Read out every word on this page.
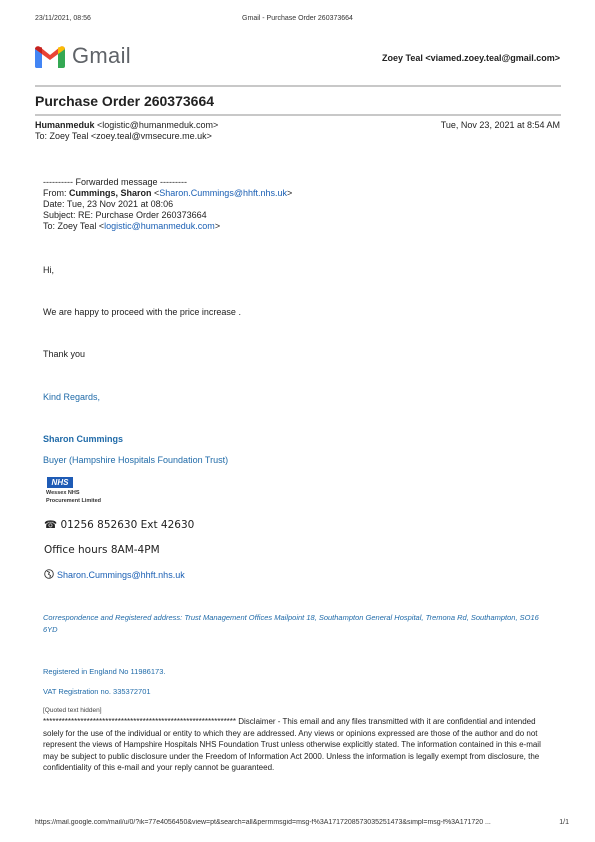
23/11/2021, 08:56	Gmail - Purchase Order 260373664
Gmail	Zoey Teal <viamed.zoey.teal@gmail.com>
Purchase Order 260373664
Humanmeduk <logistic@humanmeduk.com>	Tue, Nov 23, 2021 at 8:54 AM
To: Zoey Teal <zoey.teal@vmsecure.me.uk>
---------- Forwarded message ---------
From: Cummings, Sharon <Sharon.Cummings@hhft.nhs.uk>
Date: Tue, 23 Nov 2021 at 08:06
Subject: RE: Purchase Order 260373664
To: Zoey Teal <logistic@humanmeduk.com>
Hi,
We are happy to proceed with the price increase .
Thank you
Kind Regards,
Sharon Cummings
Buyer (Hampshire Hospitals Foundation Trust)
NHS
Wessex NHS
Procurement Limited
☎ 01256 852630 Ext 42630
Office hours 8AM-4PM
Sharon.Cummings@hhft.nhs.uk
Correspondence and Registered address: Trust Management Offices Mailpoint 18, Southampton General Hospital, Tremona Rd, Southampton, SO16 6YD
Registered in England No 11986173.
VAT Registration no. 335372701
[Quoted text hidden]
************************************************************** Disclaimer - This email and any files transmitted with it are confidential and intended solely for the use of the individual or entity to which they are addressed. Any views or opinions expressed are those of the author and do not represent the views of Hampshire Hospitals NHS Foundation Trust unless otherwise explicitly stated. The information contained in this e-mail may be subject to public disclosure under the Freedom of Information Act 2000. Unless the information is legally exempt from disclosure, the confidentiality of this e-mail and your reply cannot be guaranteed.
https://mail.google.com/mail/u/0/?ik=77e4056450&view=pt&search=all&permmsgid=msg-f%3A1717208573035251473&simpl=msg-f%3A171720 ...	1/1
